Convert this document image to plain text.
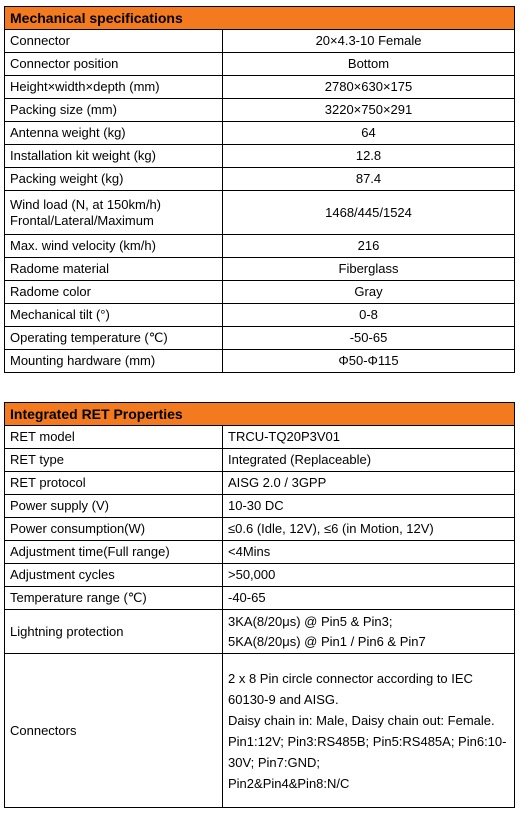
Mechanical specifications	
Connector	20×4.3-10 Female
Connector position	Bottom
Height×width×depth (mm)	2780×630×175
Packing size (mm)	3220×750×291
Antenna weight (kg)	64
Installation kit weight (kg)	12.8
Packing weight (kg)	87.4
Wind load (N, at 150km/h)
Frontal/Lateral/Maximum	1468/445/1524
Max. wind velocity (km/h)	216
Radome material	Fiberglass
Radome color	Gray
Mechanical tilt (°)	0-8
Operating temperature (℃)	-50-65
Mounting hardware (mm)	Φ50-Φ115
Integrated RET Properties	
RET model	TRCU-TQ20P3V01
RET type	Integrated (Replaceable)
RET protocol	AISG 2.0 / 3GPP
Power supply (V)	10-30 DC
Power consumption(W)	≤0.6 (Idle, 12V), ≤6 (in Motion, 12V)
Adjustment time(Full range)	<4Mins
Adjustment cycles	>50,000
Temperature range (℃)	-40-65
Lightning protection	3KA(8/20μs) @ Pin5 & Pin3;
5KA(8/20μs) @ Pin1 / Pin6 & Pin7
Connectors	2 x 8 Pin circle connector according to IEC 60130-9 and AISG.
Daisy chain in: Male, Daisy chain out: Female.
Pin1:12V; Pin3:RS485B; Pin5:RS485A; Pin6:10-30V; Pin7:GND;
Pin2&Pin4&Pin8:N/C
